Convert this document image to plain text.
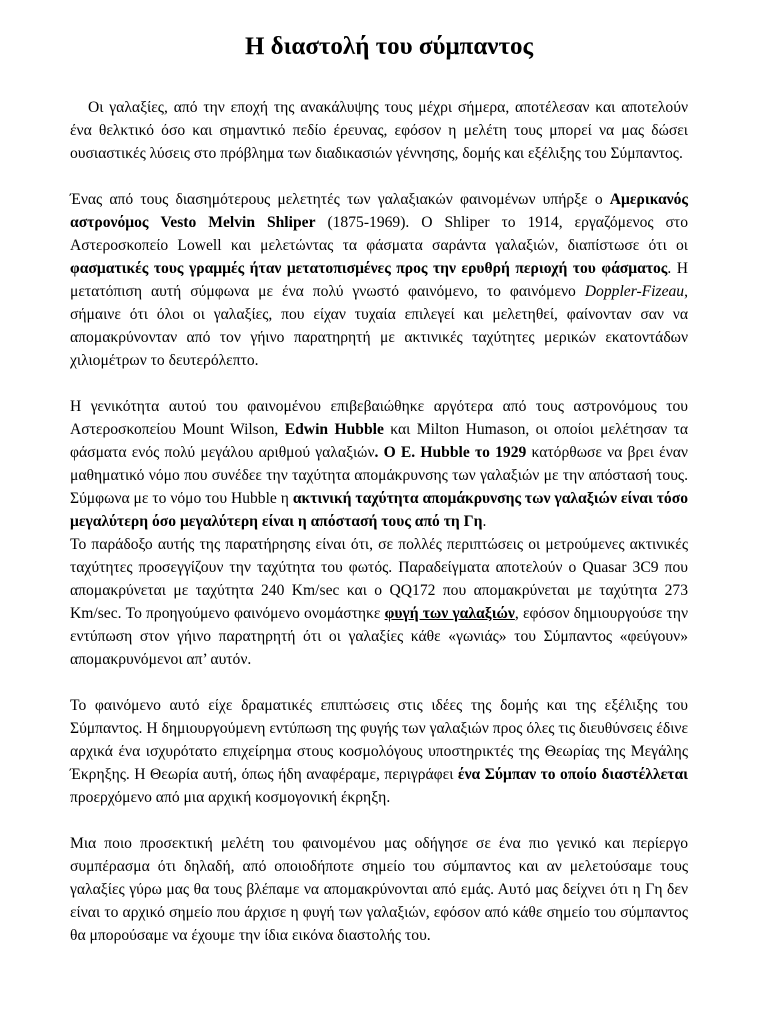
Η διαστολή του σύμπαντος

Οι γαλαξίες, από την εποχή της ανακάλυψης τους μέχρι σήμερα, αποτέλεσαν και αποτελούν ένα θελκτικό όσο και σημαντικό πεδίο έρευνας, εφόσον η μελέτη τους μπορεί να μας δώσει ουσιαστικές λύσεις στο πρόβλημα των διαδικασιών γέννησης, δομής και εξέλιξης του Σύμπαντος.

Ένας από τους διασημότερους μελετητές των γαλαξιακών φαινομένων υπήρξε ο Αμερικανός αστρονόμος Vesto Melvin Shliper (1875-1969). Ο Shliper το 1914, εργαζόμενος στο Αστεροσκοπείο Lowell και μελετώντας τα φάσματα σαράντα γαλαξιών, διαπίστωσε ότι οι φασματικές τους γραμμές ήταν μετατοπισμένες προς την ερυθρή περιοχή του φάσματος. Η μετατόπιση αυτή σύμφωνα με ένα πολύ γνωστό φαινόμενο, το φαινόμενο Doppler-Fizeau, σήμαινε ότι όλοι οι γαλαξίες, που είχαν τυχαία επιλεγεί και μελετηθεί, φαίνονταν σαν να απομακρύνονταν από τον γήινο παρατηρητή με ακτινικές ταχύτητες μερικών εκατοντάδων χιλιομέτρων το δευτερόλεπτο.

Η γενικότητα αυτού του φαινομένου επιβεβαιώθηκε αργότερα από τους αστρονόμους του Αστεροσκοπείου Mount Wilson, Edwin Hubble και Milton Humason, οι οποίοι μελέτησαν τα φάσματα ενός πολύ μεγάλου αριθμού γαλαξιών. Ο Ε. Hubble το 1929 κατόρθωσε να βρει έναν μαθηματικό νόμο που συνέδεε την ταχύτητα απομάκρυνσης των γαλαξιών με την απόστασή τους. Σύμφωνα με το νόμο του Hubble η ακτινική ταχύτητα απομάκρυνσης των γαλαξιών είναι τόσο μεγαλύτερη όσο μεγαλύτερη είναι η απόστασή τους από τη Γη.

Το παράδοξο αυτής της παρατήρησης είναι ότι, σε πολλές περιπτώσεις οι μετρούμενες ακτινικές ταχύτητες προσεγγίζουν την ταχύτητα του φωτός. Παραδείγματα αποτελούν ο Quasar 3C9 που απομακρύνεται με ταχύτητα 240 Km/sec και ο QQ172 που απομακρύνεται με ταχύτητα 273 Km/sec. Το προηγούμενο φαινόμενο ονομάστηκε φυγή των γαλαξιών, εφόσον δημιουργούσε την εντύπωση στον γήινο παρατηρητή ότι οι γαλαξίες κάθε «γωνιάς» του Σύμπαντος «φεύγουν» απομακρυνόμενοι απ’ αυτόν.

Το φαινόμενο αυτό είχε δραματικές επιπτώσεις στις ιδέες της δομής και της εξέλιξης του Σύμπαντος. Η δημιουργούμενη εντύπωση της φυγής των γαλαξιών προς όλες τις διευθύνσεις έδινε αρχικά ένα ισχυρότατο επιχείρημα στους κοσμολόγους υποστηρικτές της Θεωρίας της Μεγάλης Έκρηξης. Η Θεωρία αυτή, όπως ήδη αναφέραμε, περιγράφει ένα Σύμπαν το οποίο διαστέλλεται προερχόμενο από μια αρχική κοσμογονική έκρηξη.

Μια ποιο προσεκτική μελέτη του φαινομένου μας οδήγησε σε ένα πιο γενικό και περίεργο συμπέρασμα ότι δηλαδή, από οποιοδήποτε σημείο του σύμπαντος και αν μελετούσαμε τους γαλαξίες γύρω μας θα τους βλέπαμε να απομακρύνονται από εμάς. Αυτό μας δείχνει ότι η Γη δεν είναι το αρχικό σημείο που άρχισε η φυγή των γαλαξιών, εφόσον από κάθε σημείο του σύμπαντος θα μπορούσαμε να έχουμε την ίδια εικόνα διαστολής του.
